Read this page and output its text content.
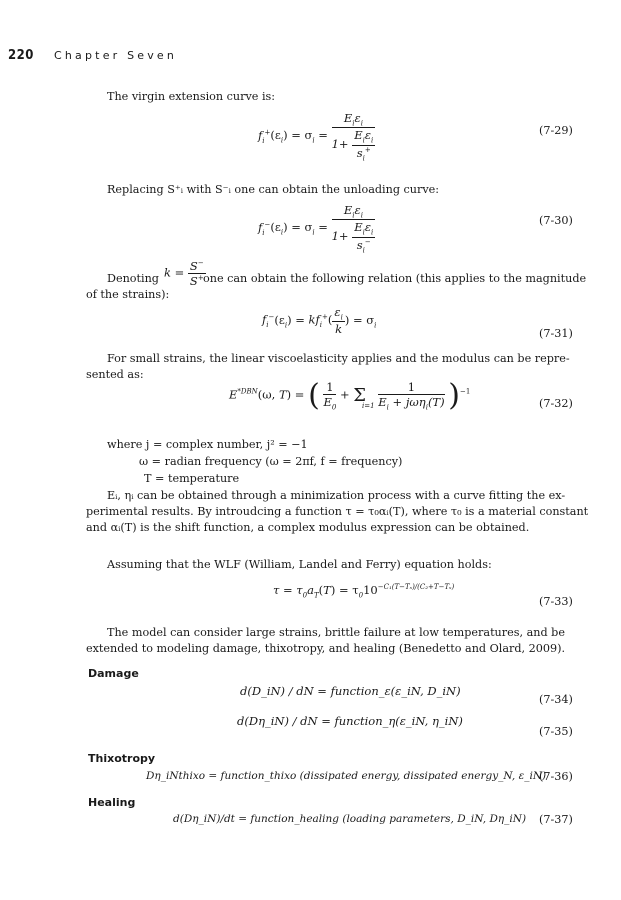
220 Chapter Seven
The virgin extension curve is:
$f_i^+(\varepsilon_i) = \sigma_i = \frac{E_i\varepsilon_i}{1+ \frac{E_i\varepsilon_i}{s_i^+}}$	(7-29)
Replacing S⁺ᵢ with S⁻ᵢ one can obtain the unloading curve:
$f_i^-(\varepsilon_i) = \sigma_i = \frac{E_i\varepsilon_i}{1+ \frac{E_i\varepsilon_i}{s_i^-}}$	(7-30)
Denoting $k = \frac{S^-}{S^+}$
one can obtain the following relation (this applies to the magnitude
of the strains):
$f_i^-(\varepsilon_i) = kf_i^+( \frac{\varepsilon_i}{k}$ ) = $\sigma_i$
(7-31)
For small strains, the linear viscoelasticity applies and the modulus can be repre-
sented as:
$E^{*DBN}(\omega$, T) = ( $\frac{1}{E_0} + \Sigma_{i=1} \frac{1}{E_i + j\omega\eta_i(T)} )^{-1}$
(7-32)
where j = complex number, j² = −1
ω = radian frequency (ω = 2πf, f = frequency)
T = temperature
Eᵢ, ηᵢ can be obtained through a minimization process with a curve fitting the ex-
perimental results. By introudcing a function τ = τ₀αᵢ(T), where τ₀ is a material constant
and αᵢ(T) is the shift function, a complex modulus expression can be obtained.
Assuming that the WLF (William, Landel and Ferry) equation holds:
$\tau = \tau_0a_T(T) = \tau_010^{-C_1(T-T_s)/(C_2+T-T_s)}$
(7-33)
The model can consider large strains, brittle failure at low temperatures, and be
extended to modeling damage, thixotropy, and healing (Benedetto and Olard, 2009).
Damage
d(D_iN) / dN = function_ε(ε_iN, D_iN)
(7-34)
d(Dη_iN) / dN = function_η(ε_iN, η_iN)
(7-35)
Thixotropy
Dη_iNthixo = function_thixo (dissipated energy, dissipated energy_N, ε_iN)
(7-36)
Healing
d(Dη_iN)/dt = function_healing (loading parameters, D_iN, Dη_iN) (7-37)
